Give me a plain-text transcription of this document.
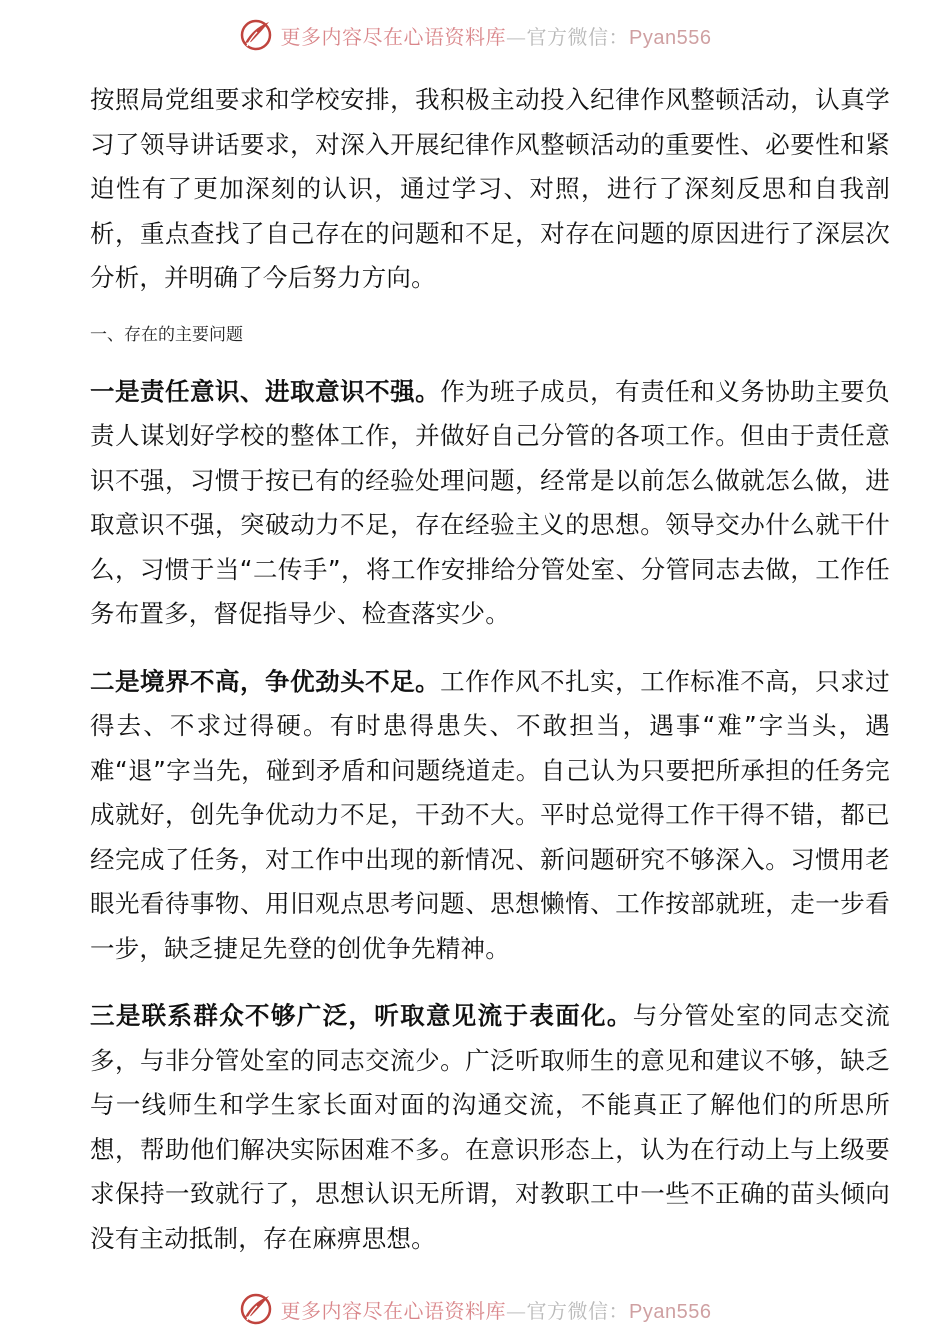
更多内容尽在心语资料库—官方微信：Pyan556

按照局党组要求和学校安排，我积极主动投入纪律作风整顿活动，认真学习了领导讲话要求，对深入开展纪律作风整顿活动的重要性、必要性和紧迫性有了更加深刻的认识，通过学习、对照，进行了深刻反思和自我剖析，重点查找了自己存在的问题和不足，对存在问题的原因进行了深层次分析，并明确了今后努力方向。

一、存在的主要问题

一是责任意识、进取意识不强。作为班子成员，有责任和义务协助主要负责人谋划好学校的整体工作，并做好自己分管的各项工作。但由于责任意识不强，习惯于按已有的经验处理问题，经常是以前怎么做就怎么做，进取意识不强，突破动力不足，存在经验主义的思想。领导交办什么就干什么，习惯于当“二传手”，将工作安排给分管处室、分管同志去做，工作任务布置多，督促指导少、检查落实少。

二是境界不高，争优劲头不足。工作作风不扎实，工作标准不高，只求过得去、不求过得硬。有时患得患失、不敢担当，遇事“难”字当头，遇难“退”字当先，碰到矛盾和问题绕道走。自己认为只要把所承担的任务完成就好，创先争优动力不足，干劲不大。平时总觉得工作干得不错，都已经完成了任务，对工作中出现的新情况、新问题研究不够深入。习惯用老眼光看待事物、用旧观点思考问题、思想懒惰、工作按部就班，走一步看一步，缺乏捷足先登的创优争先精神。

三是联系群众不够广泛，听取意见流于表面化。与分管处室的同志交流多，与非分管处室的同志交流少。广泛听取师生的意见和建议不够，缺乏与一线师生和学生家长面对面的沟通交流，不能真正了解他们的所思所想，帮助他们解决实际困难不多。在意识形态上，认为在行动上与上级要求保持一致就行了，思想认识无所谓，对教职工中一些不正确的苗头倾向没有主动抵制，存在麻痹思想。

更多内容尽在心语资料库—官方微信：Pyan556
